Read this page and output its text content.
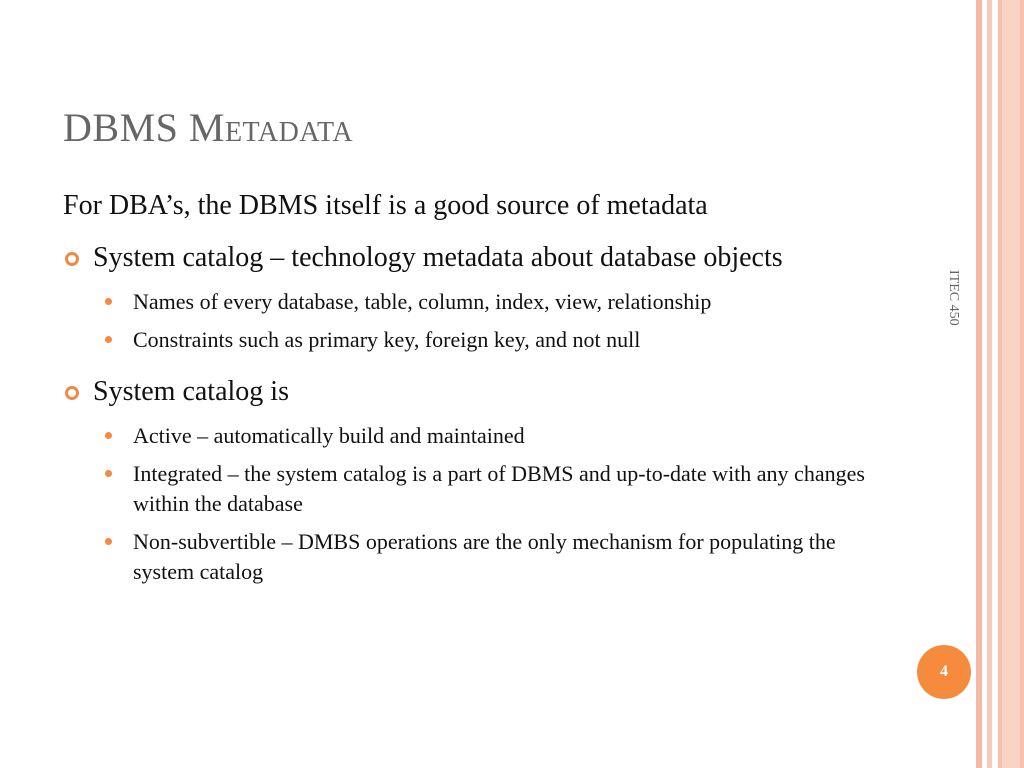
DBMS Metadata

For DBA’s, the DBMS itself is a good source of metadata

System catalog – technology metadata about database objects
Names of every database, table, column, index, view, relationship
Constraints such as primary key, foreign key, and not null
System catalog is
Active – automatically build and maintained
Integrated – the system catalog is a part of DBMS and up-to-date with any changes within the database
Non-subvertible – DMBS operations are the only mechanism for populating the system catalog
ITEC 450
4
